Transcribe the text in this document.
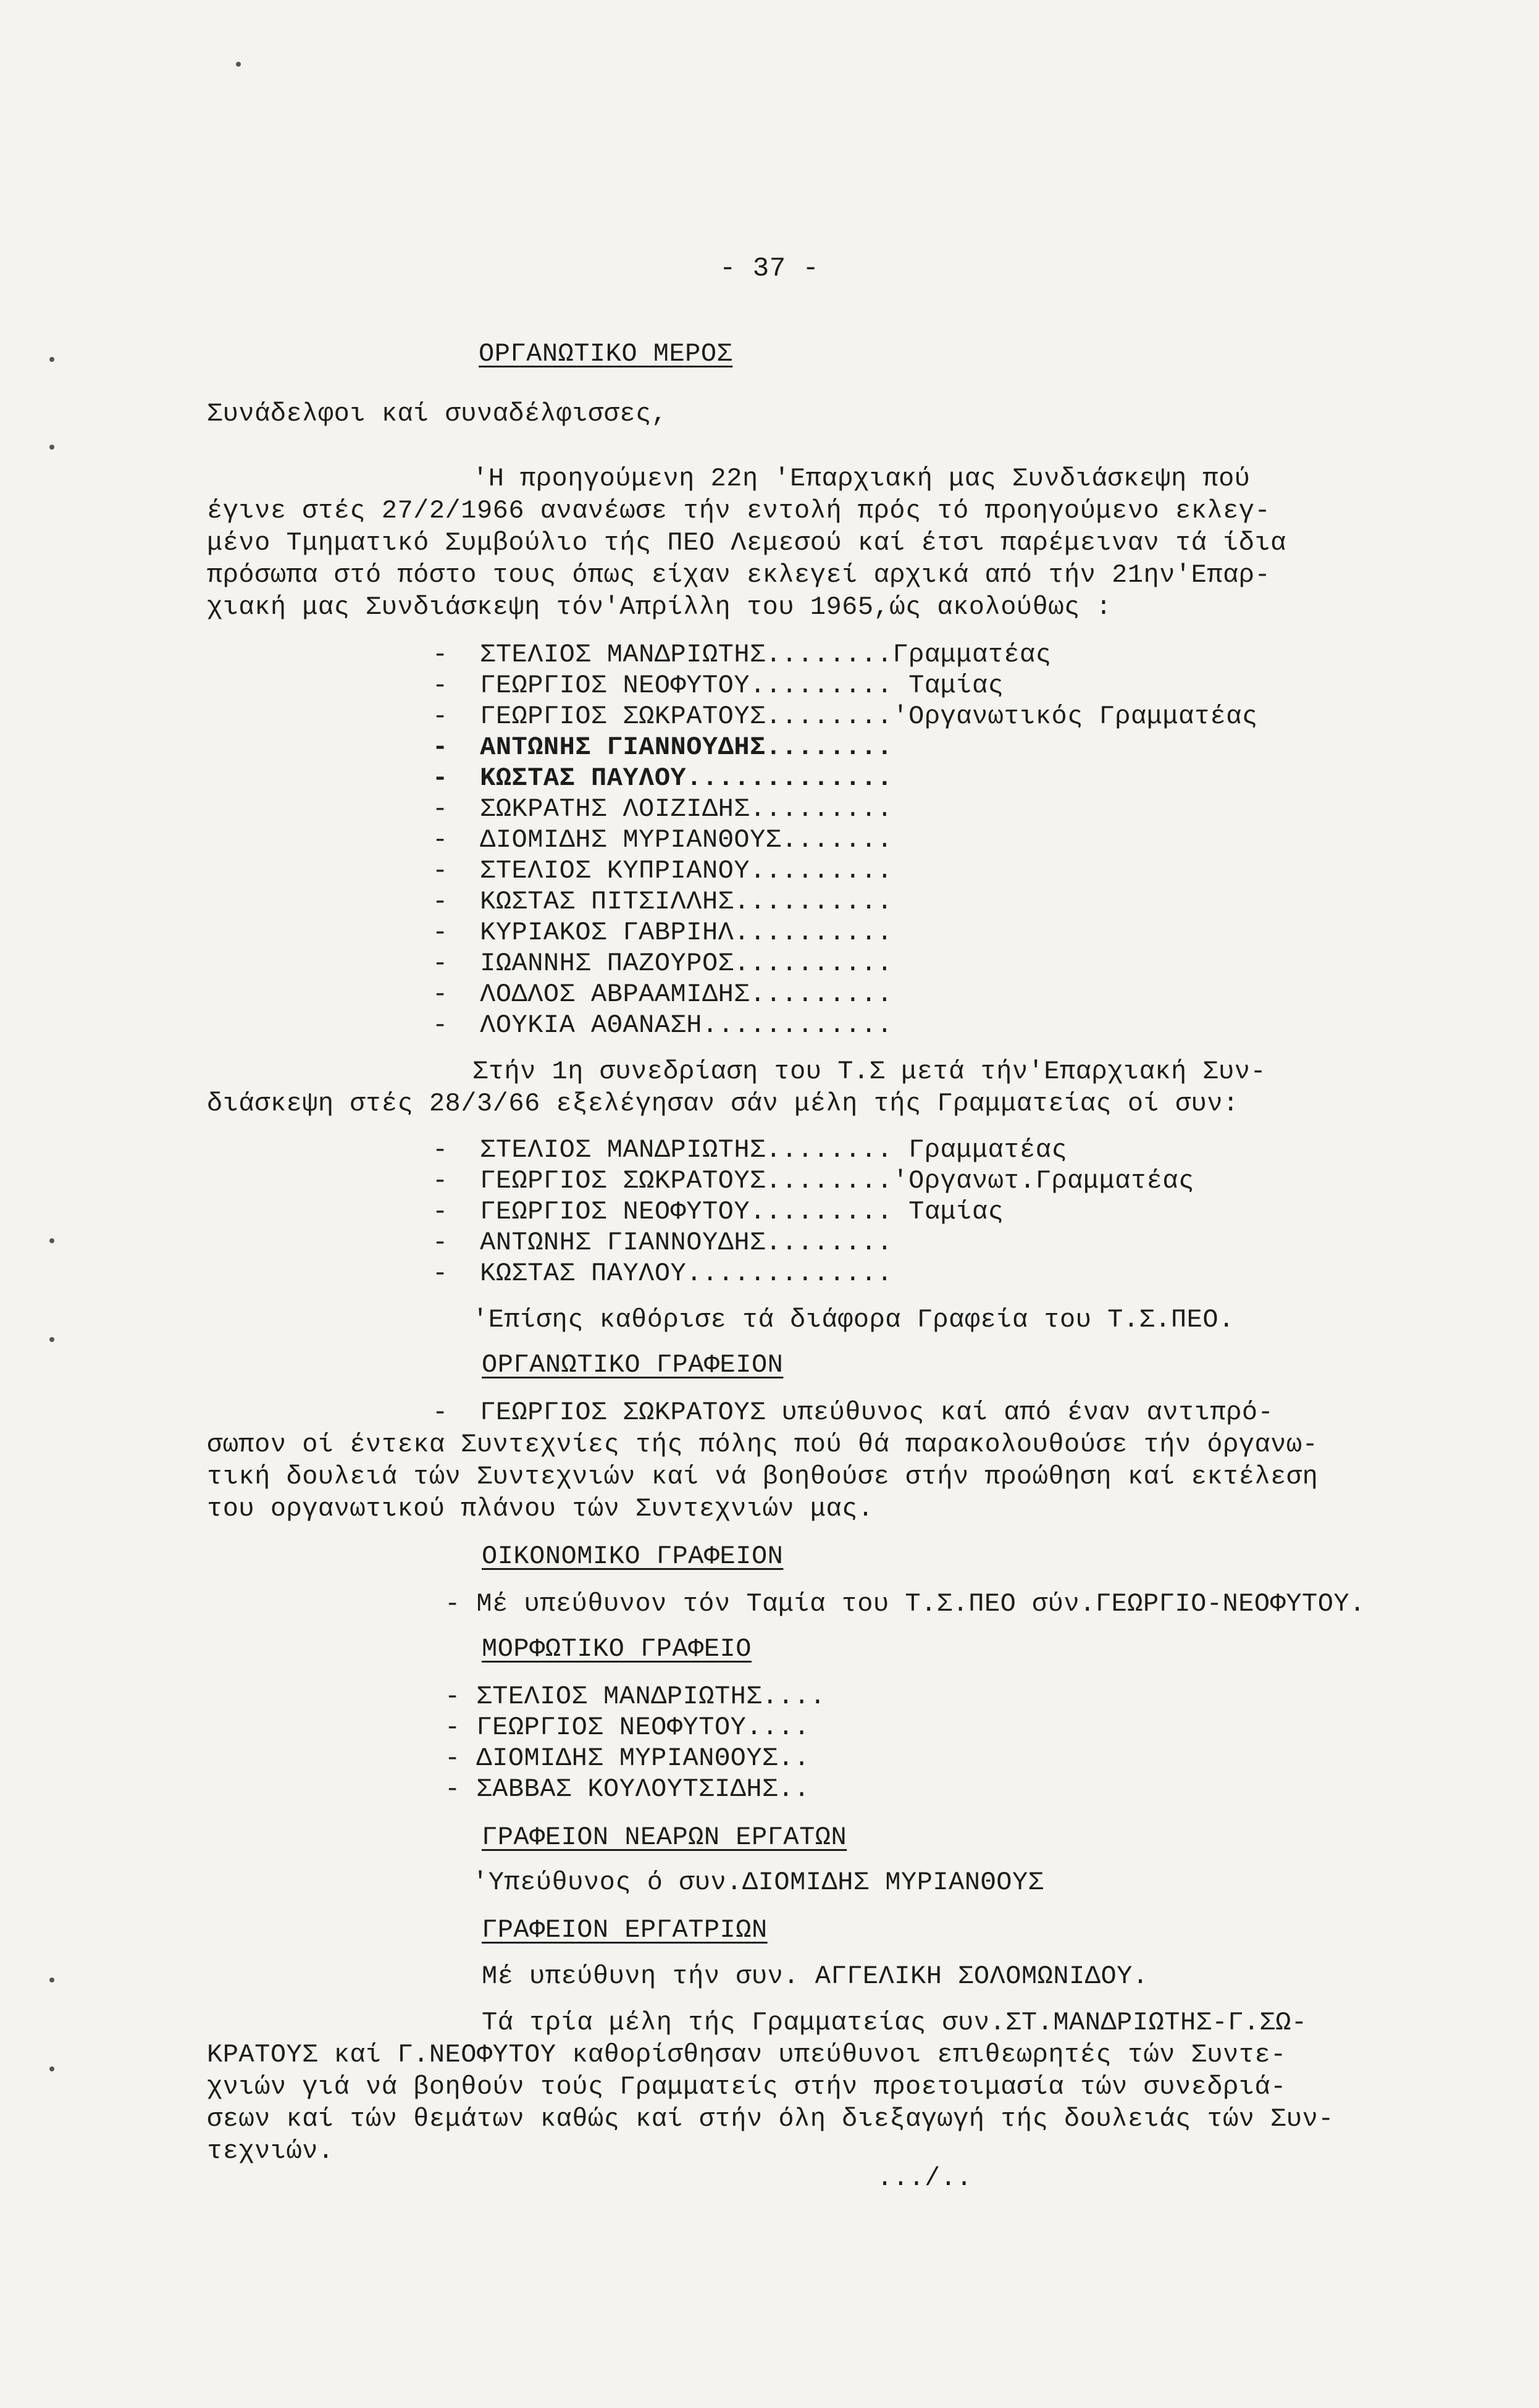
- 37 -
ΟΡΓΑΝΩΤΙΚΟ ΜΕΡΟΣ
Συνάδελφοι καί συναδέλφισσες,
'Η προηγούμενη 22η 'Επαρχιακή μας Συνδιάσκεψη πού
έγινε στές 27/2/1966 ανανέωσε τήν εντολή πρός τό προηγούμενο εκλεγ-
μένο Τμηματικό Συμβούλιο τής ΠΕΟ Λεμεσού καί έτσι παρέμειναν τά ίδια
πρόσωπα στό πόστο τους όπως είχαν εκλεγεί αρχικά από τήν 21ην'Επαρ-
χιακή μας Συνδιάσκεψη τόν'Απρίλλη του 1965,ώς ακολούθως :
-  ΣΤΕΛΙΟΣ ΜΑΝΔΡΙΩΤΗΣ........Γραμματέας
-  ΓΕΩΡΓΙΟΣ ΝΕΟΦΥΤΟΥ......... Ταμίας
-  ΓΕΩΡΓΙΟΣ ΣΩΚΡΑΤΟΥΣ........'Οργανωτικός Γραμματέας
-  ΑΝΤΩΝΗΣ ΓΙΑΝΝΟΥΔΗΣ........
-  ΚΩΣΤΑΣ ΠΑΥΛΟΥ.............
-  ΣΩΚΡΑΤΗΣ ΛΟΙΖΙΔΗΣ.........
-  ΔΙΟΜΙΔΗΣ ΜΥΡΙΑΝΘΟΥΣ.......
-  ΣΤΕΛΙΟΣ ΚΥΠΡΙΑΝΟΥ.........
-  ΚΩΣΤΑΣ ΠΙΤΣΙΛΛΗΣ..........
-  ΚΥΡΙΑΚΟΣ ΓΑΒΡΙΗΛ..........
-  ΙΩΑΝΝΗΣ ΠΑΖΟΥΡΟΣ..........
-  ΛΟΔΛΟΣ ΑΒΡΑΑΜΙΔΗΣ.........
-  ΛΟΥΚΙΑ ΑΘΑΝΑΣΗ............
Στήν 1η συνεδρίαση του Τ.Σ μετά τήν'Επαρχιακή Συν-
διάσκεψη στές 28/3/66 εξελέγησαν σάν μέλη τής Γραμματείας οί συν:
-  ΣΤΕΛΙΟΣ ΜΑΝΔΡΙΩΤΗΣ........ Γραμματέας
-  ΓΕΩΡΓΙΟΣ ΣΩΚΡΑΤΟΥΣ........'Οργανωτ.Γραμματέας
-  ΓΕΩΡΓΙΟΣ ΝΕΟΦΥΤΟΥ......... Ταμίας
-  ΑΝΤΩΝΗΣ ΓΙΑΝΝΟΥΔΗΣ........
-  ΚΩΣΤΑΣ ΠΑΥΛΟΥ.............
'Επίσης καθόρισε τά διάφορα Γραφεία του Τ.Σ.ΠΕΟ.
ΟΡΓΑΝΩΤΙΚΟ ΓΡΑΦΕΙΟΝ
-  ΓΕΩΡΓΙΟΣ ΣΩΚΡΑΤΟΥΣ υπεύθυνος καί από έναν αντιπρό-
σωπον οί έντεκα Συντεχνίες τής πόλης πού θά παρακολουθούσε τήν όργανω-
τική δουλειά τών Συντεχνιών καί νά βοηθούσε στήν προώθηση καί εκτέλεση
του οργανωτικού πλάνου τών Συντεχνιών μας.
ΟΙΚΟΝΟΜΙΚΟ ΓΡΑΦΕΙΟΝ
- Μέ υπεύθυνον τόν Ταμία του Τ.Σ.ΠΕΟ σύν.ΓΕΩΡΓΙΟ-ΝΕΟΦΥΤΟΥ.
ΜΟΡΦΩΤΙΚΟ ΓΡΑΦΕΙΟ
- ΣΤΕΛΙΟΣ ΜΑΝΔΡΙΩΤΗΣ....
- ΓΕΩΡΓΙΟΣ ΝΕΟΦΥΤΟΥ....
- ΔΙΟΜΙΔΗΣ ΜΥΡΙΑΝΘΟΥΣ..
- ΣΑΒΒΑΣ ΚΟΥΛΟΥΤΣΙΔΗΣ..
ΓΡΑΦΕΙΟΝ ΝΕΑΡΩΝ ΕΡΓΑΤΩΝ
'Υπεύθυνος ό συν.ΔΙΟΜΙΔΗΣ ΜΥΡΙΑΝΘΟΥΣ
ΓΡΑΦΕΙΟΝ ΕΡΓΑΤΡΙΩΝ
Μέ υπεύθυνη τήν συν. ΑΓΓΕΛΙΚΗ ΣΟΛΟΜΩΝΙΔΟΥ.
Τά τρία μέλη τής Γραμματείας συν.ΣΤ.ΜΑΝΔΡΙΩΤΗΣ-Γ.ΣΩ-
ΚΡΑΤΟΥΣ καί Γ.ΝΕΟΦΥΤΟΥ καθορίσθησαν υπεύθυνοι επιθεωρητές τών Συντε-
χνιών γιά νά βοηθούν τούς Γραμματείς στήν προετοιμασία τών συνεδριά-
σεων καί τών θεμάτων καθώς καί στήν όλη διεξαγωγή τής δουλειάς τών Συν-
τεχνιών.
.../..
